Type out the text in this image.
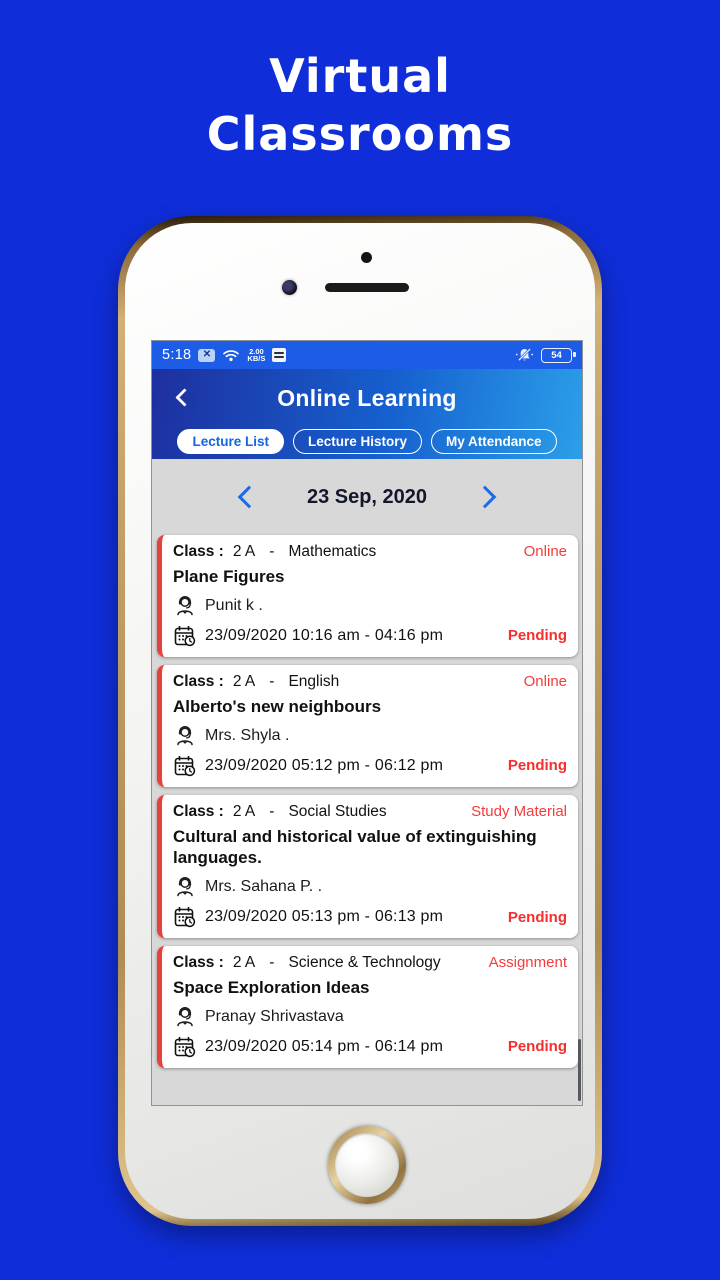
Virtual Classrooms
5:18	✕	2.00
KB/S	54
Online Learning
Lecture List	Lecture History	My Attendance
23 Sep, 2020
Class : 2 A - Mathematics	Online
Plane Figures
Punit k .
23/09/2020 10:16 am - 04:16 pm	Pending
Class : 2 A - English	Online
Alberto's new neighbours
Mrs. Shyla .
23/09/2020 05:12 pm - 06:12 pm	Pending
Class : 2 A - Social Studies	Study Material
Cultural and historical value of extinguishing languages.
Mrs. Sahana P. .
23/09/2020 05:13 pm - 06:13 pm	Pending
Class : 2 A - Science & Technology	Assignment
Space Exploration Ideas
Pranay Shrivastava
23/09/2020 05:14 pm - 06:14 pm	Pending
